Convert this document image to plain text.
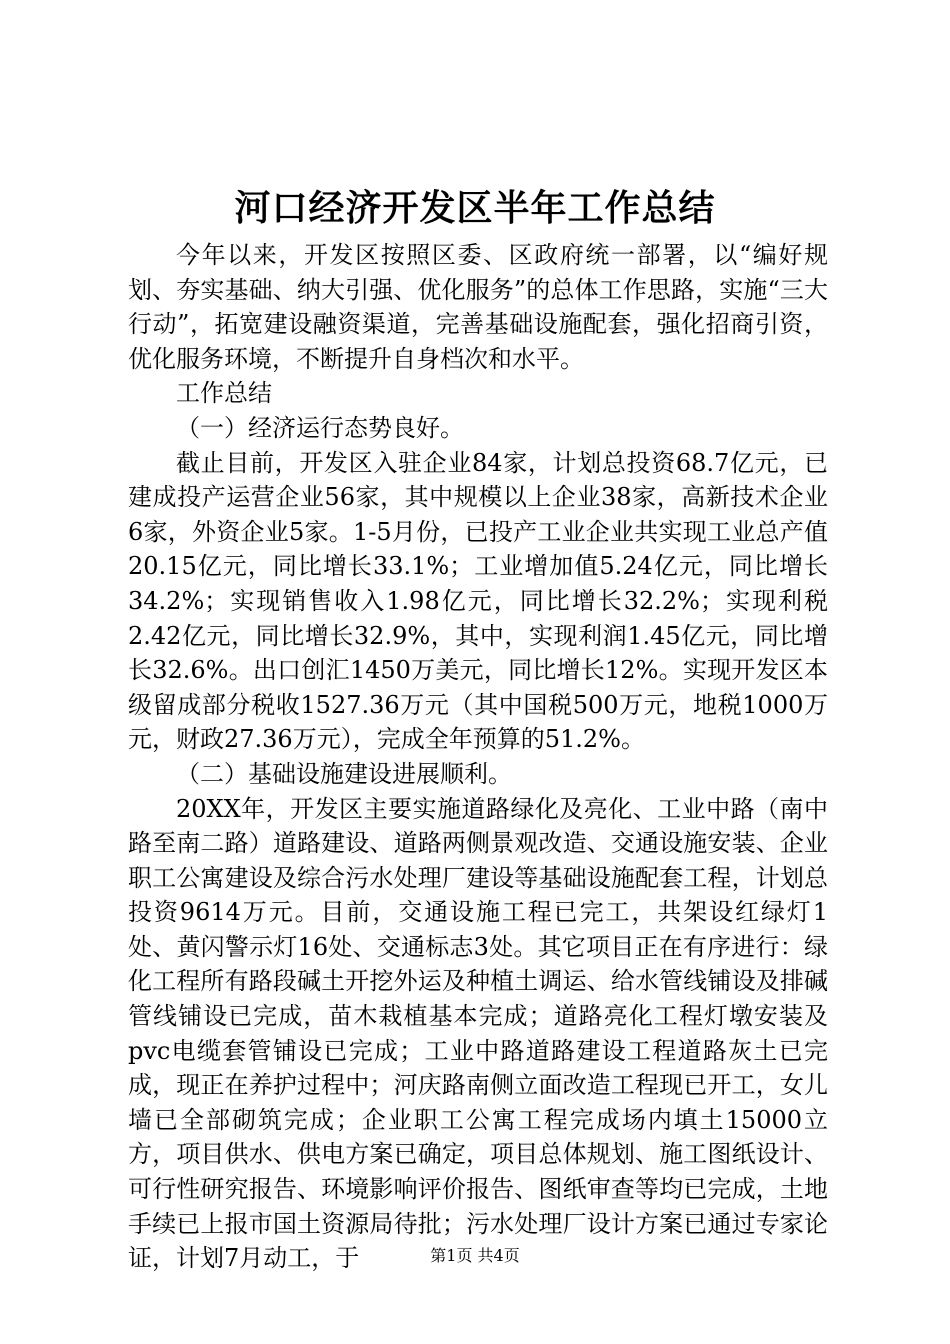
河口经济开发区半年工作总结

今年以来，开发区按照区委、区政府统一部署，以“编好规划、夯实基础、纳大引强、优化服务”的总体工作思路，实施“三大行动”，拓宽建设融资渠道，完善基础设施配套，强化招商引资，优化服务环境，不断提升自身档次和水平。

工作总结

（一）经济运行态势良好。

截止目前，开发区入驻企业84家，计划总投资68.7亿元，已建成投产运营企业56家，其中规模以上企业38家，高新技术企业6家，外资企业5家。1-5月份，已投产工业企业共实现工业总产值20.15亿元，同比增长33.1%；工业增加值5.24亿元，同比增长34.2%；实现销售收入1.98亿元，同比增长32.2%；实现利税2.42亿元，同比增长32.9%，其中，实现利润1.45亿元，同比增长32.6%。出口创汇1450万美元，同比增长12%。实现开发区本级留成部分税收1527.36万元（其中国税500万元，地税1000万元，财政27.36万元），完成全年预算的51.2%。

（二）基础设施建设进展顺利。

20XX年，开发区主要实施道路绿化及亮化、工业中路（南中路至南二路）道路建设、道路两侧景观改造、交通设施安装、企业职工公寓建设及综合污水处理厂建设等基础设施配套工程，计划总投资9614万元。目前，交通设施工程已完工，共架设红绿灯1处、黄闪警示灯16处、交通标志3处。其它项目正在有序进行：绿化工程所有路段碱土开挖外运及种植土调运、给水管线铺设及排碱管线铺设已完成，苗木栽植基本完成；道路亮化工程灯墩安装及pvc电缆套管铺设已完成；工业中路道路建设工程道路灰土已完成，现正在养护过程中；河庆路南侧立面改造工程现已开工，女儿墙已全部砌筑完成；企业职工公寓工程完成场内填土15000立方，项目供水、供电方案已确定，项目总体规划、施工图纸设计、可行性研究报告、环境影响评价报告、图纸审查等均已完成，土地手续已上报市国土资源局待批；污水处理厂设计方案已通过专家论证，计划7月动工，于	第1页 共4页
